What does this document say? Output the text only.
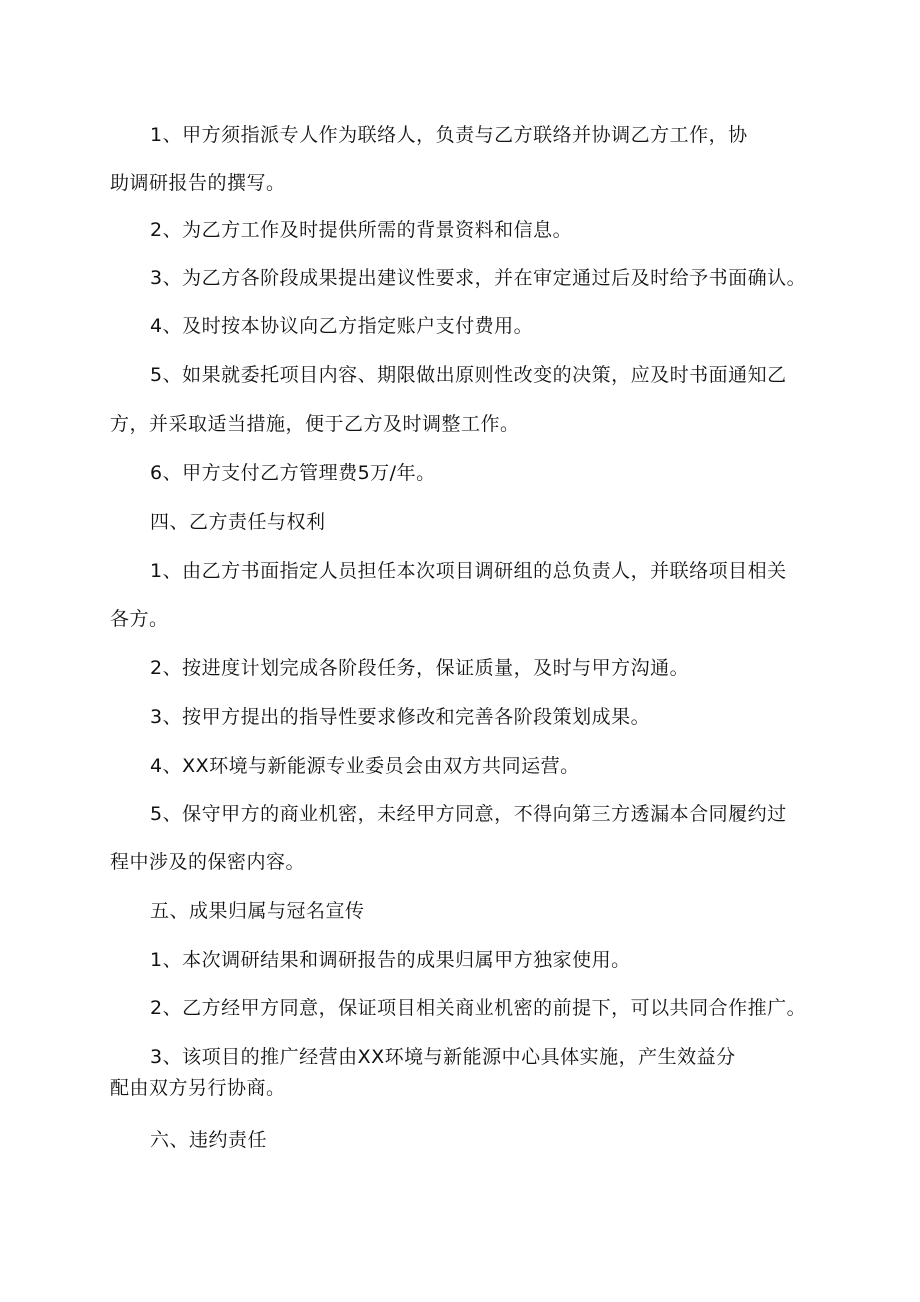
1、甲方须指派专人作为联络人，负责与乙方联络并协调乙方工作，协
助调研报告的撰写。
2、为乙方工作及时提供所需的背景资料和信息。
3、为乙方各阶段成果提出建议性要求，并在审定通过后及时给予书面确认。
4、及时按本协议向乙方指定账户支付费用。
5、如果就委托项目内容、期限做出原则性改变的决策，应及时书面通知乙
方，并采取适当措施，便于乙方及时调整工作。
6、甲方支付乙方管理费5万/年。
四、乙方责任与权利
1、由乙方书面指定人员担任本次项目调研组的总负责人，并联络项目相关
各方。
2、按进度计划完成各阶段任务，保证质量，及时与甲方沟通。
3、按甲方提出的指导性要求修改和完善各阶段策划成果。
4、XX环境与新能源专业委员会由双方共同运营。
5、保守甲方的商业机密，未经甲方同意，不得向第三方透漏本合同履约过
程中涉及的保密内容。
五、成果归属与冠名宣传
1、本次调研结果和调研报告的成果归属甲方独家使用。
2、乙方经甲方同意，保证项目相关商业机密的前提下，可以共同合作推广。
3、该项目的推广经营由XX环境与新能源中心具体实施，产生效益分
配由双方另行协商。
六、违约责任
